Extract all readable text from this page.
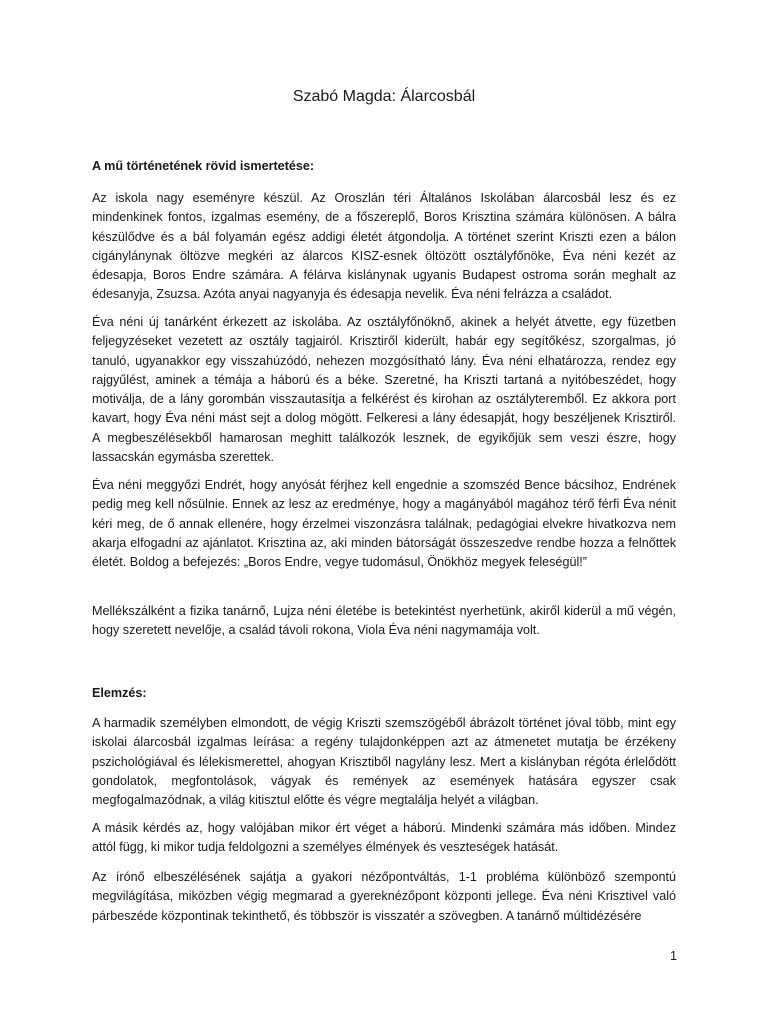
Szabó Magda: Álarcosbál

A mű történetének rövid ismertetése:

Az iskola nagy eseményre készül. Az Oroszlán téri Általános Iskolában álarcosbál lesz és ez mindenkinek fontos, izgalmas esemény, de a főszereplő, Boros Krisztina számára különösen. A bálra készülődve és a bál folyamán egész addigi életét átgondolja. A történet szerint Kriszti ezen a bálon cigánylánynak öltözve megkéri az álarcos KISZ-esnek öltözött osztályfőnöke, Éva néni kezét az édesapja, Boros Endre számára. A félárva kislánynak ugyanis Budapest ostroma során meghalt az édesanyja, Zsuzsa. Azóta anyai nagyanyja és édesapja nevelik. Éva néni felrázza a családot.

Éva néni új tanárként érkezett az iskolába. Az osztályfőnöknő, akinek a helyét átvette, egy füzetben feljegyzéseket vezetett az osztály tagjairól. Krisztiről kiderült, habár egy segítőkész, szorgalmas, jó tanuló, ugyanakkor egy visszahúzódó, nehezen mozgósítható lány. Éva néni elhatározza, rendez egy rajgyűlést, aminek a témája a háború és a béke. Szeretné, ha Kriszti tartaná a nyitóbeszédet, hogy motiválja, de a lány gorombán visszautasítja a felkérést és kirohan az osztályteremből. Ez akkora port kavart, hogy Éva néni mást sejt a dolog mögött. Felkeresi a lány édesapját, hogy beszéljenek Krisztiről. A megbeszélésekből hamarosan meghitt találkozók lesznek, de egyikőjük sem veszi észre, hogy lassacskán egymásba szerettek.

Éva néni meggyőzi Endrét, hogy anyósát férjhez kell engednie a szomszéd Bence bácsihoz, Endrének pedig meg kell nősülnie. Ennek az lesz az eredménye, hogy a magányából magához térő férfi Éva nénit kéri meg, de ő annak ellenére, hogy érzelmei viszonzásra találnak, pedagógiai elvekre hivatkozva nem akarja elfogadni az ajánlatot. Krisztina az, aki minden bátorságát összeszedve rendbe hozza a felnőttek életét. Boldog a befejezés: „Boros Endre, vegye tudomásul, Önökhöz megyek feleségül!”

Mellékszálként a fizika tanárnő, Lujza néni életébe is betekintést nyerhetünk, akiről kiderül a mű végén, hogy szeretett nevelője, a család távoli rokona, Viola Éva néni nagymamája volt.

Elemzés:

A harmadik személyben elmondott, de végig Kriszti szemszögéből ábrázolt történet jóval több, mint egy iskolai álarcosbál izgalmas leírása: a regény tulajdonképpen azt az átmenetet mutatja be érzékeny pszichológiával és lélekismerettel, ahogyan Krisztiből nagylány lesz. Mert a kislányban régóta érlelődött gondolatok, megfontolások, vágyak és remények az események hatására egyszer csak megfogalmazódnak, a világ kitisztul előtte és végre megtalálja helyét a világban.

A másik kérdés az, hogy valójában mikor ért véget a háború. Mindenki számára más időben. Mindez attól függ, ki mikor tudja feldolgozni a személyes élmények és veszteségek hatását.

Az írónő elbeszélésének sajátja a gyakori nézőpontváltás, 1-1 probléma különböző szempontú megvilágítása, miközben végig megmarad a gyereknézőpont központi jellege. Éva néni Krisztivel való párbeszéde központinak tekinthető, és többször is visszatér a szövegben. A tanárnő múltidézésére

1
